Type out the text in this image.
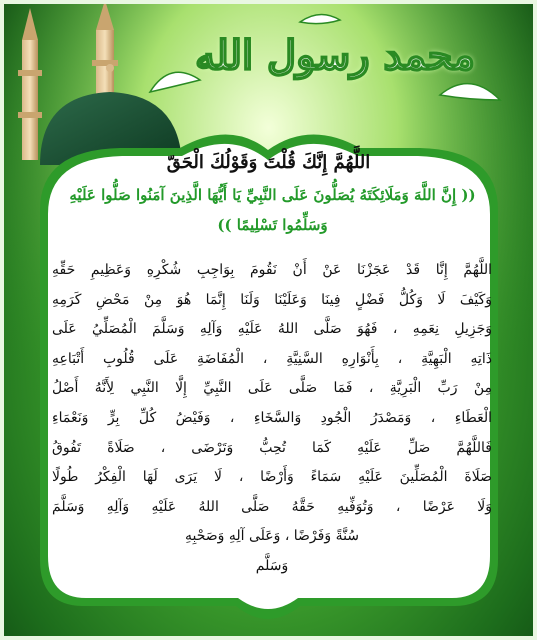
محمد رسول الله
اللَّهُمَّ إِنَّكَ قُلْتَ وَقَوْلُكَ الْحَقّ
(( إِنَّ اللَّهَ وَمَلَائِكَتَهُ يُصَلُّونَ عَلَى النَّبِيِّ يَا أَيُّهَا الَّذِينَ آمَنُوا صَلُّوا عَلَيْهِ وَسَلِّمُوا تَسْلِيمًا ))
اللَّهُمَّ إِنَّا قَدْ عَجَزْنَا عَنْ أَنْ نَقُومَ بِوَاجِبِ شُكْرِهِ وَعَظِيمِ حَقِّهِ
وَكَيْفَ لَا وَكُلُّ فَضْلٍ فِينَا وَعَلَيْنَا وَلَنَا إِنَّمَا هُوَ مِنْ مَحْضِ كَرَمِهِ
وَجَزِيلِ نِعَمِهِ ، فَهُوَ صَلَّى اللهُ عَلَيْهِ وَآلِهِ وَسَلَّمَ الْمُصَلِّيُ عَلَى
ذَاتِهِ الْبَهِيَّةِ ، بِأَنْوَارِهِ السَّنِيَّةِ ، الْمُفَاضَةِ عَلَى قُلُوبِ أَتْبَاعِهِ
مِنْ رَبِّ الْبَرِيَّةِ ، فَمَا صَلَّى عَلَى النَّبِيِّ إِلَّا النَّبِي لِأَنَّهُ أَصْلُ
الْعَطَاءِ ، وَمَصْدَرُ الْجُودِ وَالسَّخَاءِ ، وَفَيْضُ كُلِّ بِرٍّ وَنَعْمَاءِ
فَاللَّهُمَّ صَلِّ عَلَيْهِ كَمَا تُحِبُّ وَتَرْضَى ، صَلَاةً تَفُوقُ
صَلَاةَ الْمُصَلِّينَ عَلَيْهِ سَمَاءً وَأَرْضًا ، لَا يَرَى لَهَا الْفِكْرُ طُولًا
وَلَا عَرْضًا ، وَتُوَفِّيهِ حَقَّهُ صَلَّى اللهُ عَلَيْهِ وَآلِهِ وَسَلَّمَ
سُنَّةً وَفَرْضًا ، وَعَلَى آلِهِ وَصَحْبِهِ
وَسَلَّم
